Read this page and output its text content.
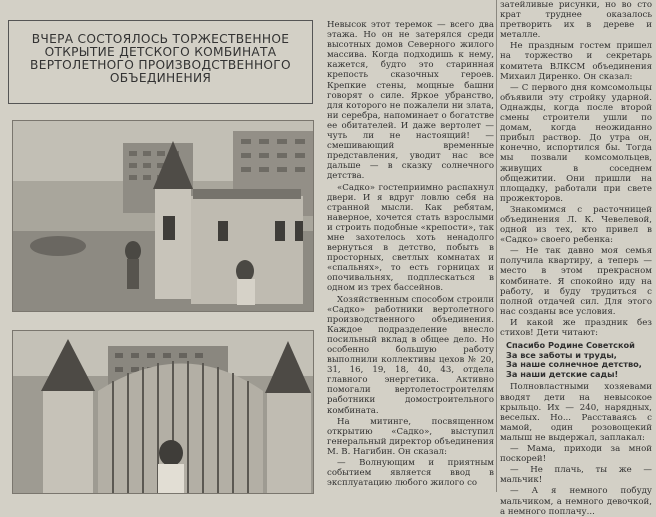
ВЧЕРА СОСТОЯЛОСЬ ТОРЖЕСТВЕННОЕ ОТКРЫТИЕ ДЕТСКОГО КОМБИНАТА ВЕРТОЛЕТНОГО ПРОИЗВОДСТВЕННОГО ОБЪЕДИНЕНИЯ

Невысок этот теремок — всего два этажа. Но он не затерялся среди высотных домов Северного жилого массива. Когда подходишь к нему, кажется, будто это старинная крепость сказочных героев. Крепкие стены, мощные башни говорят о силе. Яркое убранство, для которого не пожалели ни злата, ни серебра, напоминает о богатстве ее обитателей. И даже вертолет — чуть ли не настоящий! — смешивающий временные представления, уводит нас все дальше — в сказку солнечного детства.

«Садко» гостеприимно распахнул двери. И я вдруг ловлю себя на странной мысли. Как ребятам, наверное, хочется стать взрослыми и строить подобные «крепости», так мне захотелось хоть ненадолго вернуться в детство, побыть в просторных, светлых комнатах и «спальнях», то есть горницах и опочивальнях, подплескаться в одном из трех бассейнов.

Хозяйственным способом строили «Садко» работники вертолетного производственного объединения. Каждое подразделение внесло посильный вклад в общее дело. Но особенно большую работу выполнили коллективы цехов № 20, 31, 16, 19, 18, 40, 43, отдела главного энергетика. Активно помогали вертолетостроителям работники домостроительного комбината.

На митинге, посвященном открытию «Садко», выступил генеральный директор объединения М. В. Нагибин. Он сказал:

— Волнующим и приятным событием является ввод в эксплуатацию любого жилого со

затейливые рисунки, но во сто крат труднее оказалось претворить их в дереве и металле.

Не праздным гостем пришел на торжество и секретарь комитета ВЛКСМ объединения Михаил Диренко. Он сказал:

— С первого дня комсомольцы объявили эту стройку ударной. Однажды, когда после второй смены строители ушли по домам, когда неожиданно прибыл раствор. До утра он, конечно, испортился бы. Тогда мы позвали комсомольцев, живущих в соседнем общежитии. Они пришли на площадку, работали при свете прожекторов.

Знакомимся с расточницей объединения Л. К. Чевелевой, одной из тех, кто привел в «Садко» своего ребенка:

— Не так давно моя семья получила квартиру, а теперь — место в этом прекрасном комбинате. Я спокойно иду на работу, и буду трудиться с полной отдачей сил. Для этого нас созданы все условия.

И какой же праздник без стихов! Дети читают:

Спасибо Родине Советской
За все заботы и труды,
За наше солнечное детство,
За наши детские сады!

Полновластными хозяевами вводят дети на невысокое крыльцо. Их — 240, нарядных, веселых. Но... Расставаясь с мамой, один розовощекий малыш не выдержал, заплакал:

— Мама, приходи за мной поскорей!

— Не плачь, ты же — мальчик!

— А я немного побуду мальчиком, а немного девочкой, а немного поплачу...
